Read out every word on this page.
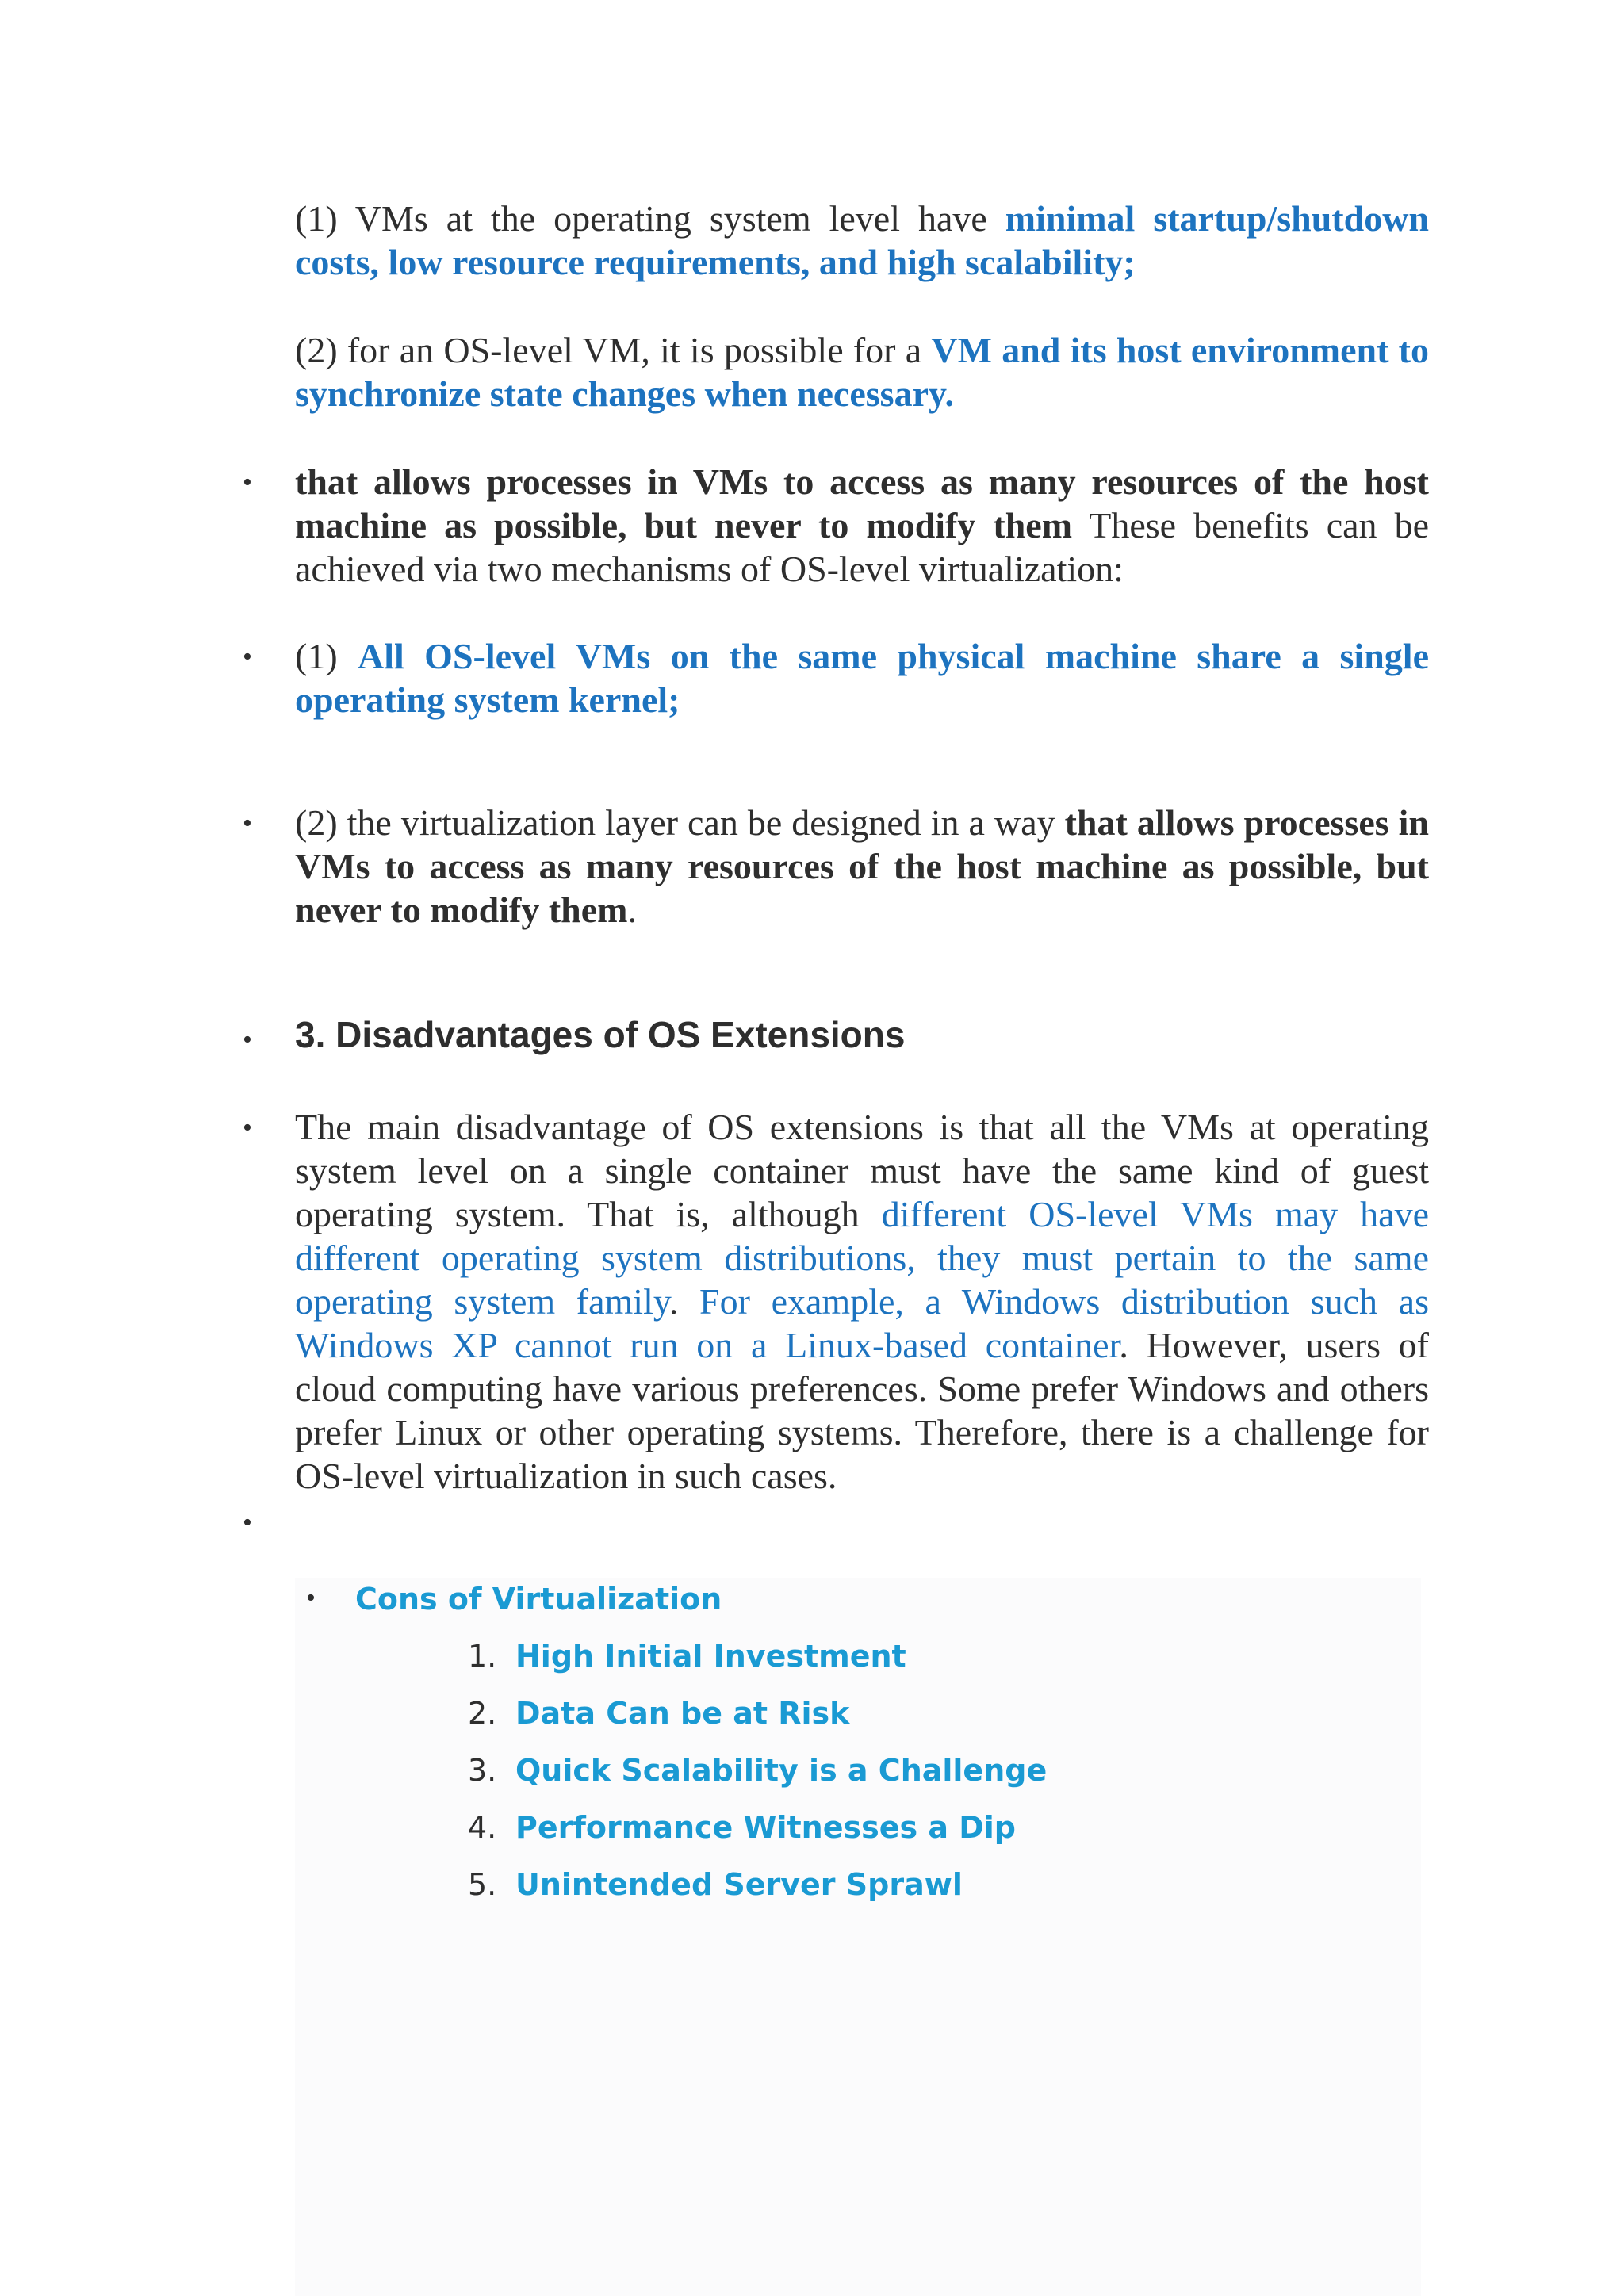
(1) VMs at the operating system level have minimal startup/shutdown costs, low resource requirements, and high scalability;

(2) for an OS-level VM, it is possible for a VM and its host environment to synchronize state changes when necessary.

• that allows processes in VMs to access as many resources of the host machine as possible, but never to modify them These benefits can be achieved via two mechanisms of OS-level virtualization:

• (1) All OS-level VMs on the same physical machine share a single operating system kernel;

• (2) the virtualization layer can be designed in a way that allows processes in VMs to access as many resources of the host machine as possible, but never to modify them.

• 3. Disadvantages of OS Extensions
• The main disadvantage of OS extensions is that all the VMs at operating system level on a single container must have the same kind of guest operating system. That is, although different OS-level VMs may have different operating system distributions, they must pertain to the same operating system family. For example, a Windows distribution such as Windows XP cannot run on a Linux-based container. However, users of cloud computing have various preferences. Some prefer Windows and others prefer Linux or other operating systems. Therefore, there is a challenge for OS-level virtualization in such cases.

•
• Cons of Virtualization
1. High Initial Investment
2. Data Can be at Risk
3. Quick Scalability is a Challenge
4. Performance Witnesses a Dip
5. Unintended Server Sprawl
